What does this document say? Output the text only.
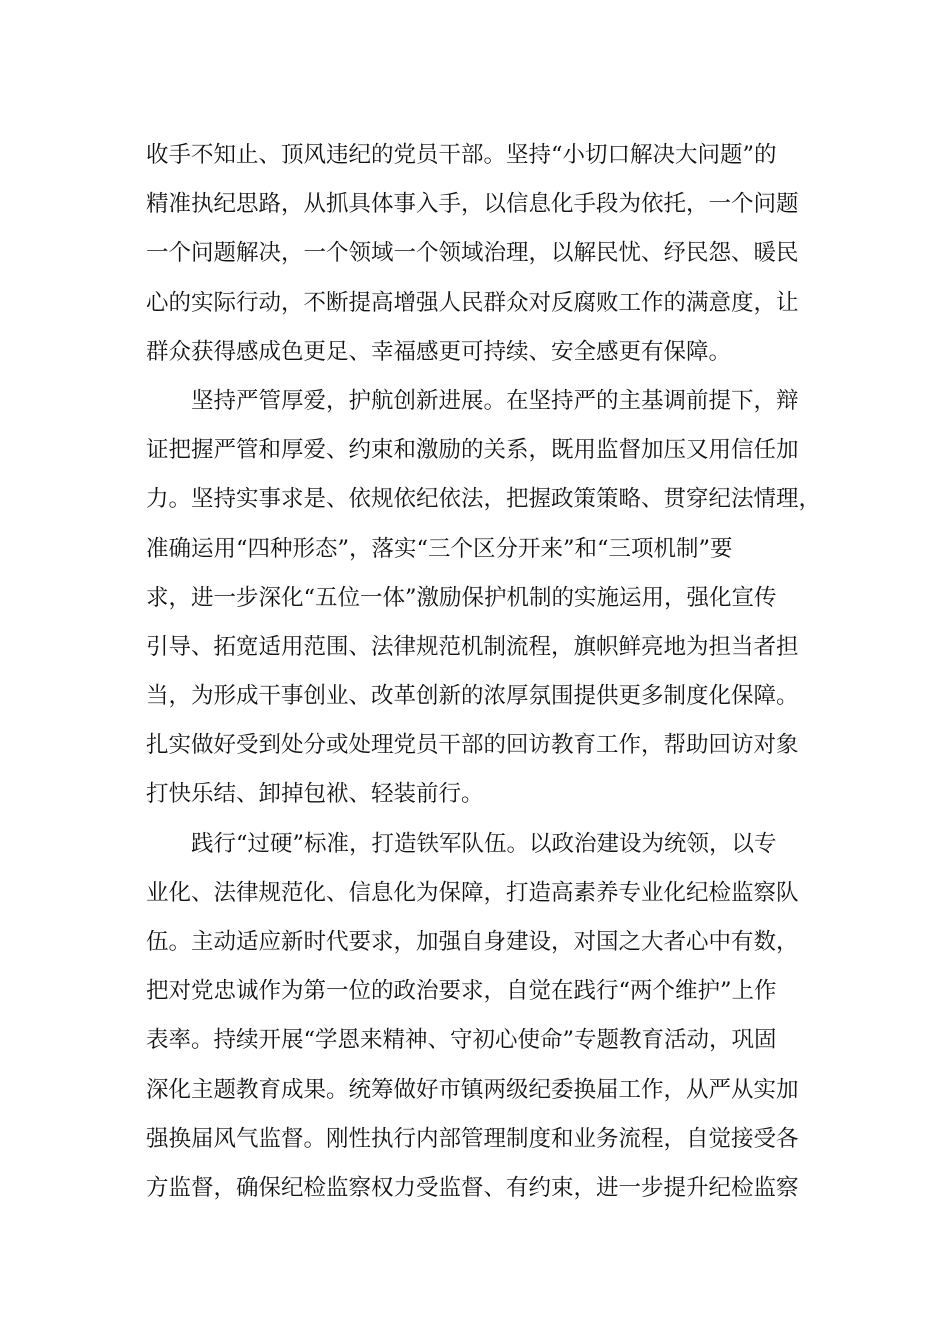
收手不知止、顶风违纪的党员干部。坚持“小切口解决大问题”的
精准执纪思路，从抓具体事入手，以信息化手段为依托，一个问题
一个问题解决，一个领域一个领域治理，以解民忧、纾民怨、暖民
心的实际行动，不断提高增强人民群众对反腐败工作的满意度，让
群众获得感成色更足、幸福感更可持续、安全感更有保障。
坚持严管厚爱，护航创新进展。在坚持严的主基调前提下，辩
证把握严管和厚爱、约束和激励的关系，既用监督加压又用信任加
力。坚持实事求是、依规依纪依法，把握政策策略、贯穿纪法情理，
准确运用“四种形态”，落实“三个区分开来”和“三项机制”要
求，进一步深化“五位一体”激励保护机制的实施运用，强化宣传
引导、拓宽适用范围、法律规范机制流程，旗帜鲜亮地为担当者担
当，为形成干事创业、改革创新的浓厚氛围提供更多制度化保障。
扎实做好受到处分或处理党员干部的回访教育工作，帮助回访对象
打快乐结、卸掉包袱、轻装前行。
践行“过硬”标准，打造铁军队伍。以政治建设为统领，以专
业化、法律规范化、信息化为保障，打造高素养专业化纪检监察队
伍。主动适应新时代要求，加强自身建设，对国之大者心中有数，
把对党忠诚作为第一位的政治要求，自觉在践行“两个维护”上作
表率。持续开展“学恩来精神、守初心使命”专题教育活动，巩固
深化主题教育成果。统筹做好市镇两级纪委换届工作，从严从实加
强换届风气监督。刚性执行内部管理制度和业务流程，自觉接受各
方监督，确保纪检监察权力受监督、有约束，进一步提升纪检监察
